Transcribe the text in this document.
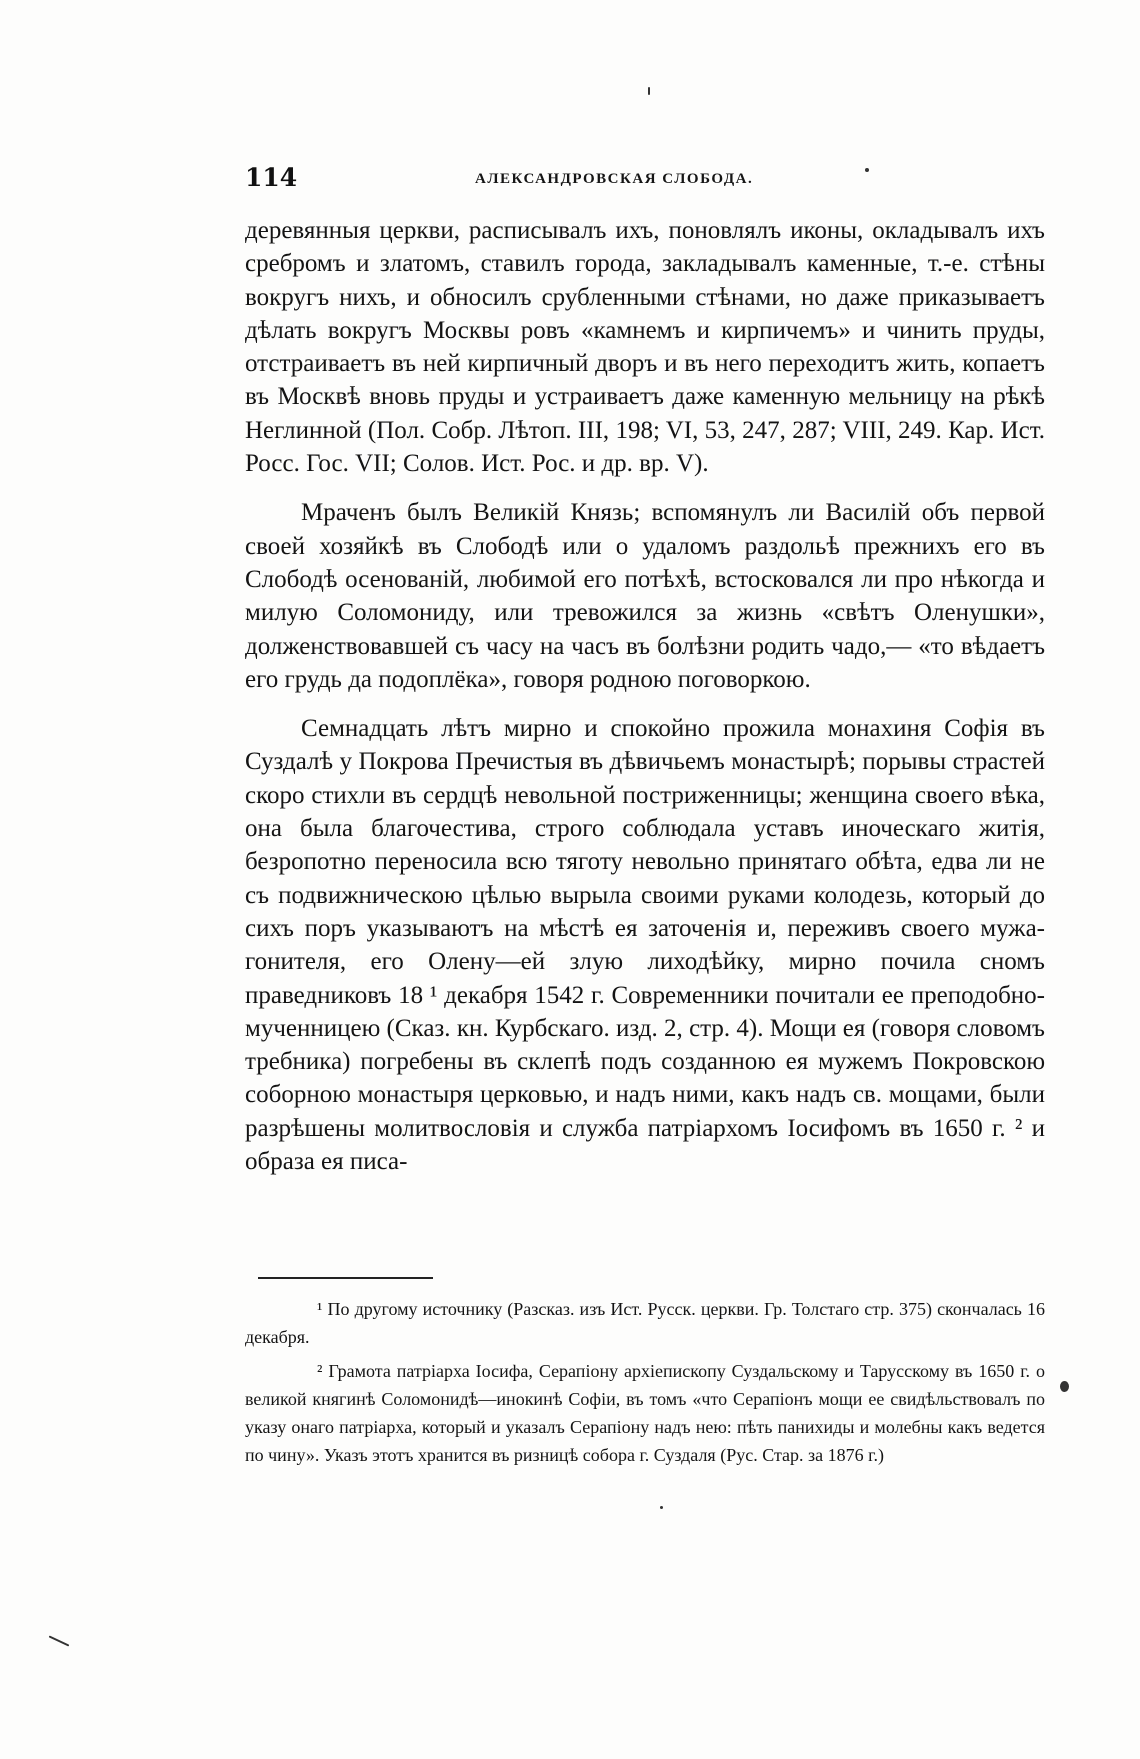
114	АЛЕКСАНДРОВСКАЯ СЛОБОДА.

деревянныя церкви, расписывалъ ихъ, поновлялъ иконы, окладывалъ ихъ сребромъ и златомъ, ставилъ города, закладывалъ каменные, т.-е. стѣны вокругъ нихъ, и обносилъ срубленными стѣнами, но даже приказываетъ дѣлать вокругъ Москвы ровъ «камнемъ и кирпичемъ» и чинить пруды, отстраиваетъ въ ней кирпичный дворъ и въ него переходитъ жить, копаетъ въ Москвѣ вновь пруды и устраиваетъ даже каменную мельницу на рѣкѣ Неглинной (Пол. Собр. Лѣтоп. III, 198; VI, 53, 247, 287; VIII, 249. Кар. Ист. Росс. Гос. VII; Солов. Ист. Рос. и др. вр. V).

Мраченъ былъ Великій Князь; вспомянулъ ли Василій объ первой своей хозяйкѣ въ Слободѣ или о удаломъ раздольѣ прежнихъ его въ Слободѣ осенованій, любимой его потѣхѣ, встосковался ли про нѣкогда и милую Соломониду, или тревожился за жизнь «свѣтъ Оленушки», долженствовавшей съ часу на часъ въ болѣзни родить чадо,— «то вѣдаетъ его грудь да подоплёка», говоря родною поговоркою.

Семнадцать лѣтъ мирно и спокойно прожила монахиня Софія въ Суздалѣ у Покрова Пречистыя въ дѣвичьемъ монастырѣ; порывы страстей скоро стихли въ сердцѣ невольной постриженницы; женщина своего вѣка, она была благочестива, строго соблюдала уставъ иноческаго житія, безропотно переносила всю тяготу невольно принятаго обѣта, едва ли не съ подвижническою цѣлью вырыла своими руками колодезь, который до сихъ поръ указываютъ на мѣстѣ ея заточенія и, переживъ своего мужа-гонителя, его Олену—ей злую лиходѣйку, мирно почила сномъ праведниковъ 18 ¹ декабря 1542 г. Современники почитали ее преподобно-мученницею (Сказ. кн. Курбскаго. изд. 2, стр. 4). Мощи ея (говоря словомъ требника) погребены въ склепѣ подъ созданною ея мужемъ Покровскою соборною монастыря церковью, и надъ ними, какъ надъ св. мощами, были разрѣшены молитвословія и служба патріархомъ Іосифомъ въ 1650 г. ² и образа ея писа-

¹ По другому источнику (Разсказ. изъ Ист. Русск. церкви. Гр. Толстаго стр. 375) скончалась 16 декабря.

² Грамота патріарха Іосифа, Серапіону архіепископу Суздальскому и Тарусскому въ 1650 г. о великой княгинѣ Соломонидѣ—инокинѣ Софіи, въ томъ «что Серапіонъ мощи ее свидѣльствовалъ по указу онаго патріарха, который и указалъ Серапіону надъ нею: пѣть панихиды и молебны какъ ведется по чину». Указъ этотъ хранится въ ризницѣ собора г. Суздаля (Рус. Стар. за 1876 г.)
